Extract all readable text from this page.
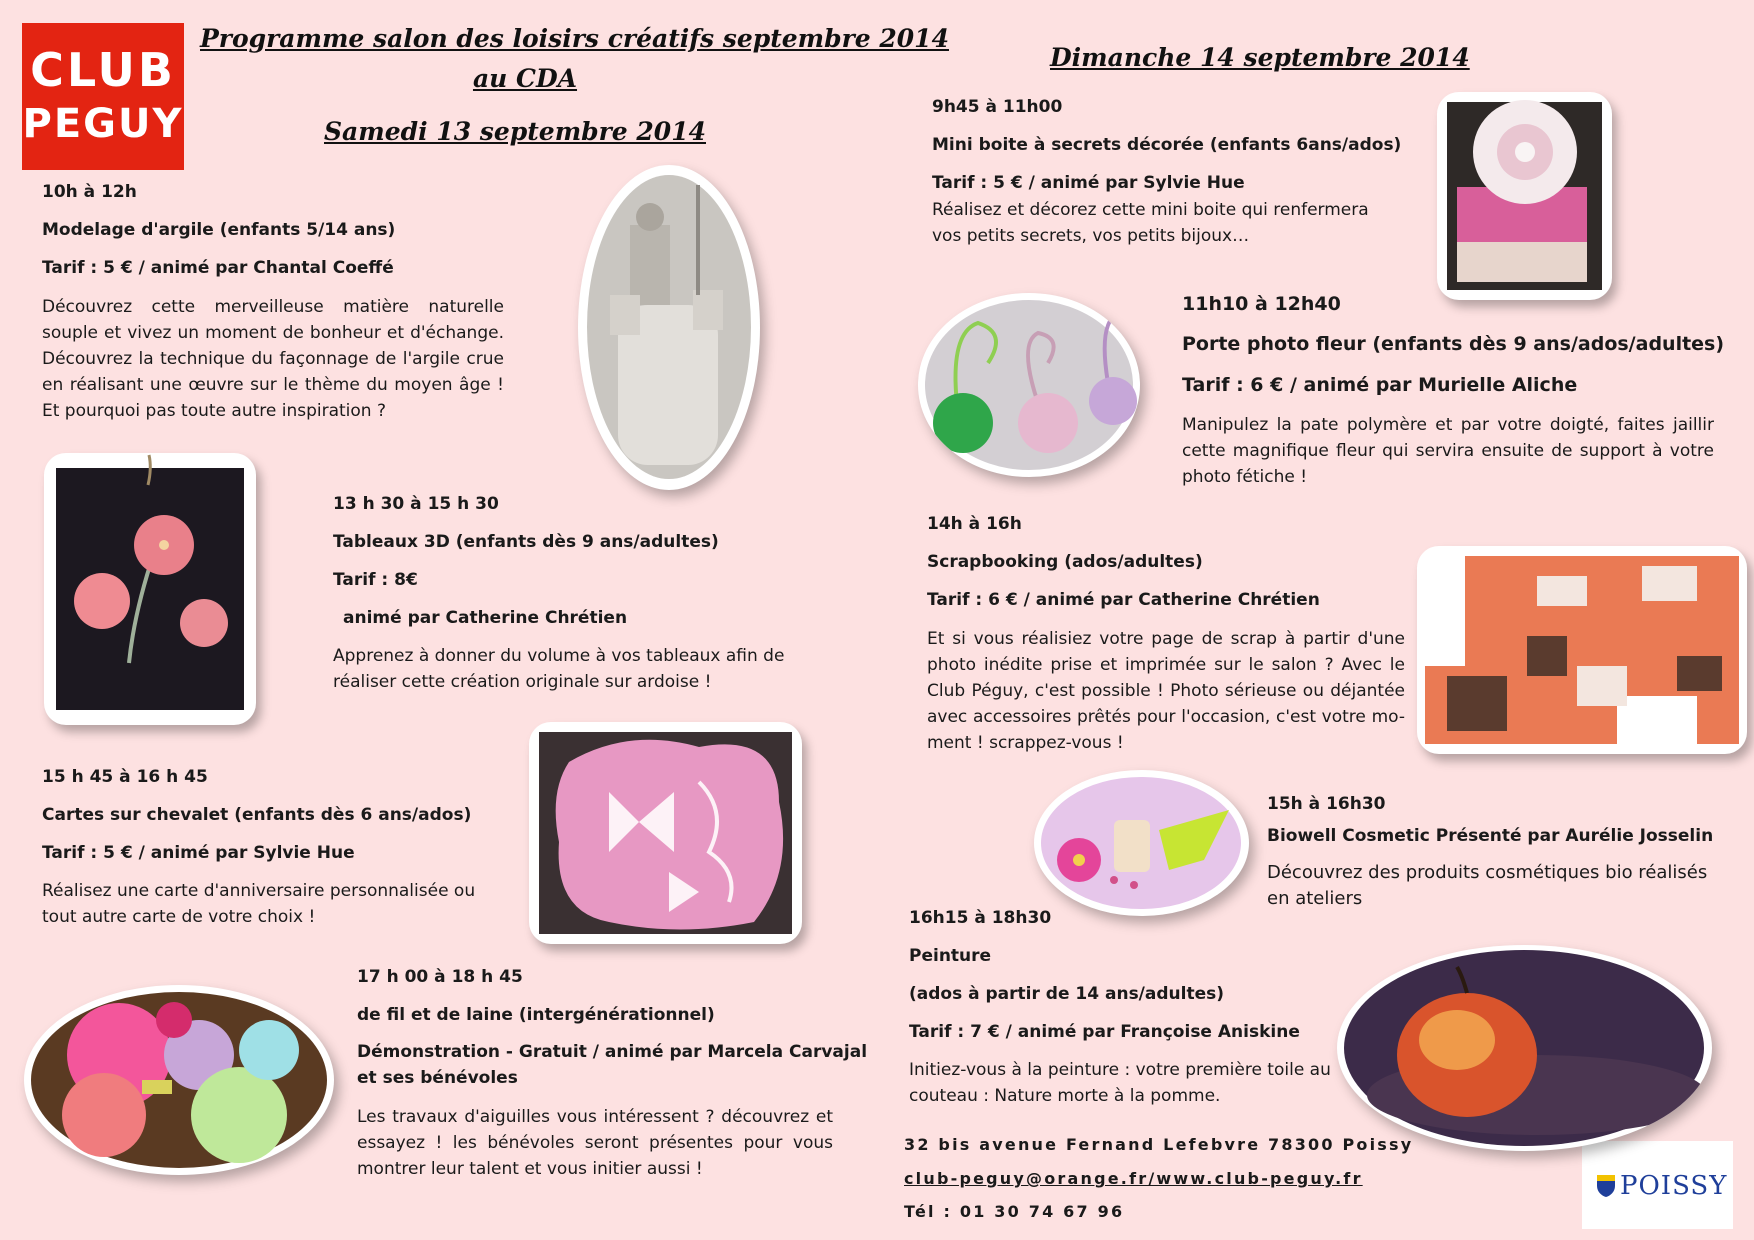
CLUB
PEGUY
Programme salon des loisirs créatifs septembre 2014
au CDA
Samedi 13 septembre 2014
Dimanche 14 septembre 2014
10h à 12h
Modelage d'argile (enfants 5/14 ans)
Tarif : 5 € / animé par Chantal Coeffé
Découvrez cette merveilleuse matière naturelle
souple et vivez un moment de bonheur et d'échange.
Découvrez la technique du façonnage de l'argile crue
en réalisant une œuvre sur le thème du moyen âge !
Et pourquoi pas toute autre inspiration ?
13 h 30 à 15 h 30
Tableaux 3D (enfants dès 9 ans/adultes)
Tarif : 8€
animé par Catherine Chrétien
Apprenez à donner du volume à vos tableaux afin de
réaliser cette création originale sur ardoise !
15 h 45 à 16 h 45
Cartes sur chevalet (enfants dès 6 ans/ados)
Tarif : 5 € / animé par Sylvie Hue
Réalisez une carte d'anniversaire personnalisée ou
tout autre carte de votre choix !
17 h 00 à 18 h 45
de fil et de laine (intergénérationnel)
Démonstration - Gratuit / animé par Marcela Carvajal
et ses bénévoles
Les travaux d'aiguilles vous intéressent ? découvrez et
essayez ! les bénévoles seront présentes pour vous
montrer leur talent et vous initier aussi !
9h45 à 11h00
Mini boite à secrets décorée (enfants 6ans/ados)
Tarif : 5 € / animé par Sylvie Hue
Réalisez et décorez cette mini boite qui renfermera
vos petits secrets, vos petits bijoux…
11h10 à 12h40
Porte photo fleur (enfants dès 9 ans/ados/adultes)
Tarif : 6 € / animé par Murielle Aliche
Manipulez la pate polymère et par votre doigté, faites jaillir
cette magnifique fleur qui servira ensuite de support à votre
photo fétiche !
14h à 16h
Scrapbooking (ados/adultes)
Tarif : 6 € / animé par Catherine Chrétien
Et si vous réalisiez votre page de scrap à partir d'une
photo inédite prise et imprimée sur le salon ? Avec le
Club Péguy, c'est possible ! Photo sérieuse ou déjantée
avec accessoires prêtés pour l'occasion, c'est votre mo-
ment ! scrappez-vous !
15h à 16h30
Biowell Cosmetic Présenté par Aurélie Josselin
Découvrez des produits cosmétiques bio réalisés
en ateliers
16h15 à 18h30
Peinture
(ados à partir de 14 ans/adultes)
Tarif : 7 € / animé par Françoise Aniskine
Initiez-vous à la peinture : votre première toile au
couteau : Nature morte à la pomme.
32 bis avenue Fernand Lefebvre 78300 Poissy
club-peguy@orange.fr/www.club-peguy.fr
Tél : 01 30 74 67 96
POISSY
